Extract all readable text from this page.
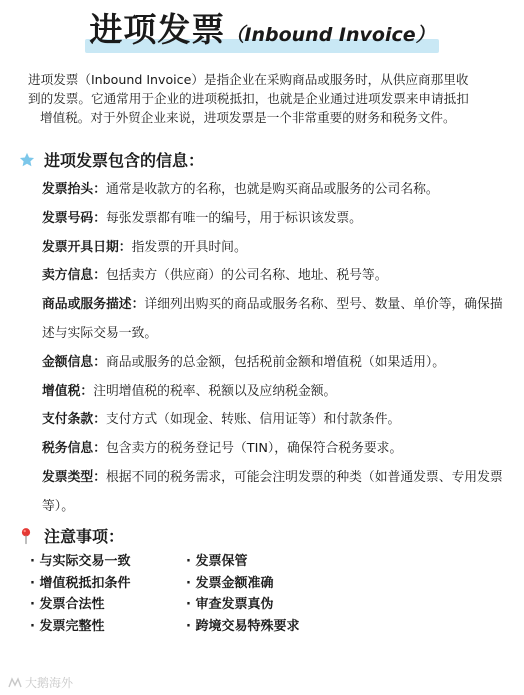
进项发票（Inbound Invoice）

进项发票（Inbound Invoice）是指企业在采购商品或服务时，从供应商那里收

到的发票。它通常用于企业的进项税抵扣，也就是企业通过进项发票来申请抵扣

增值税。对于外贸企业来说，进项发票是一个非常重要的财务和税务文件。

进项发票包含的信息：
发票抬头：通常是收款方的名称，也就是购买商品或服务的公司名称。
发票号码：每张发票都有唯一的编号，用于标识该发票。
发票开具日期：指发票的开具时间。
卖方信息：包括卖方（供应商）的公司名称、地址、税号等。
商品或服务描述：详细列出购买的商品或服务名称、型号、数量、单价等，确保描述与实际交易一致。
金额信息：商品或服务的总金额，包括税前金额和增值税（如果适用）。
增值税：注明增值税的税率、税额以及应纳税金额。
支付条款：支付方式（如现金、转账、信用证等）和付款条件。
税务信息：包含卖方的税务登记号（TIN），确保符合税务要求。
发票类型：根据不同的税务需求，可能会注明发票的种类（如普通发票、专用发票等）。
注意事项：
· 与实际交易一致	· 发票保管
· 增值税抵扣条件	· 发票金额准确
· 发票合法性	· 审查发票真伪
· 发票完整性	· 跨境交易特殊要求
大鹅海外
